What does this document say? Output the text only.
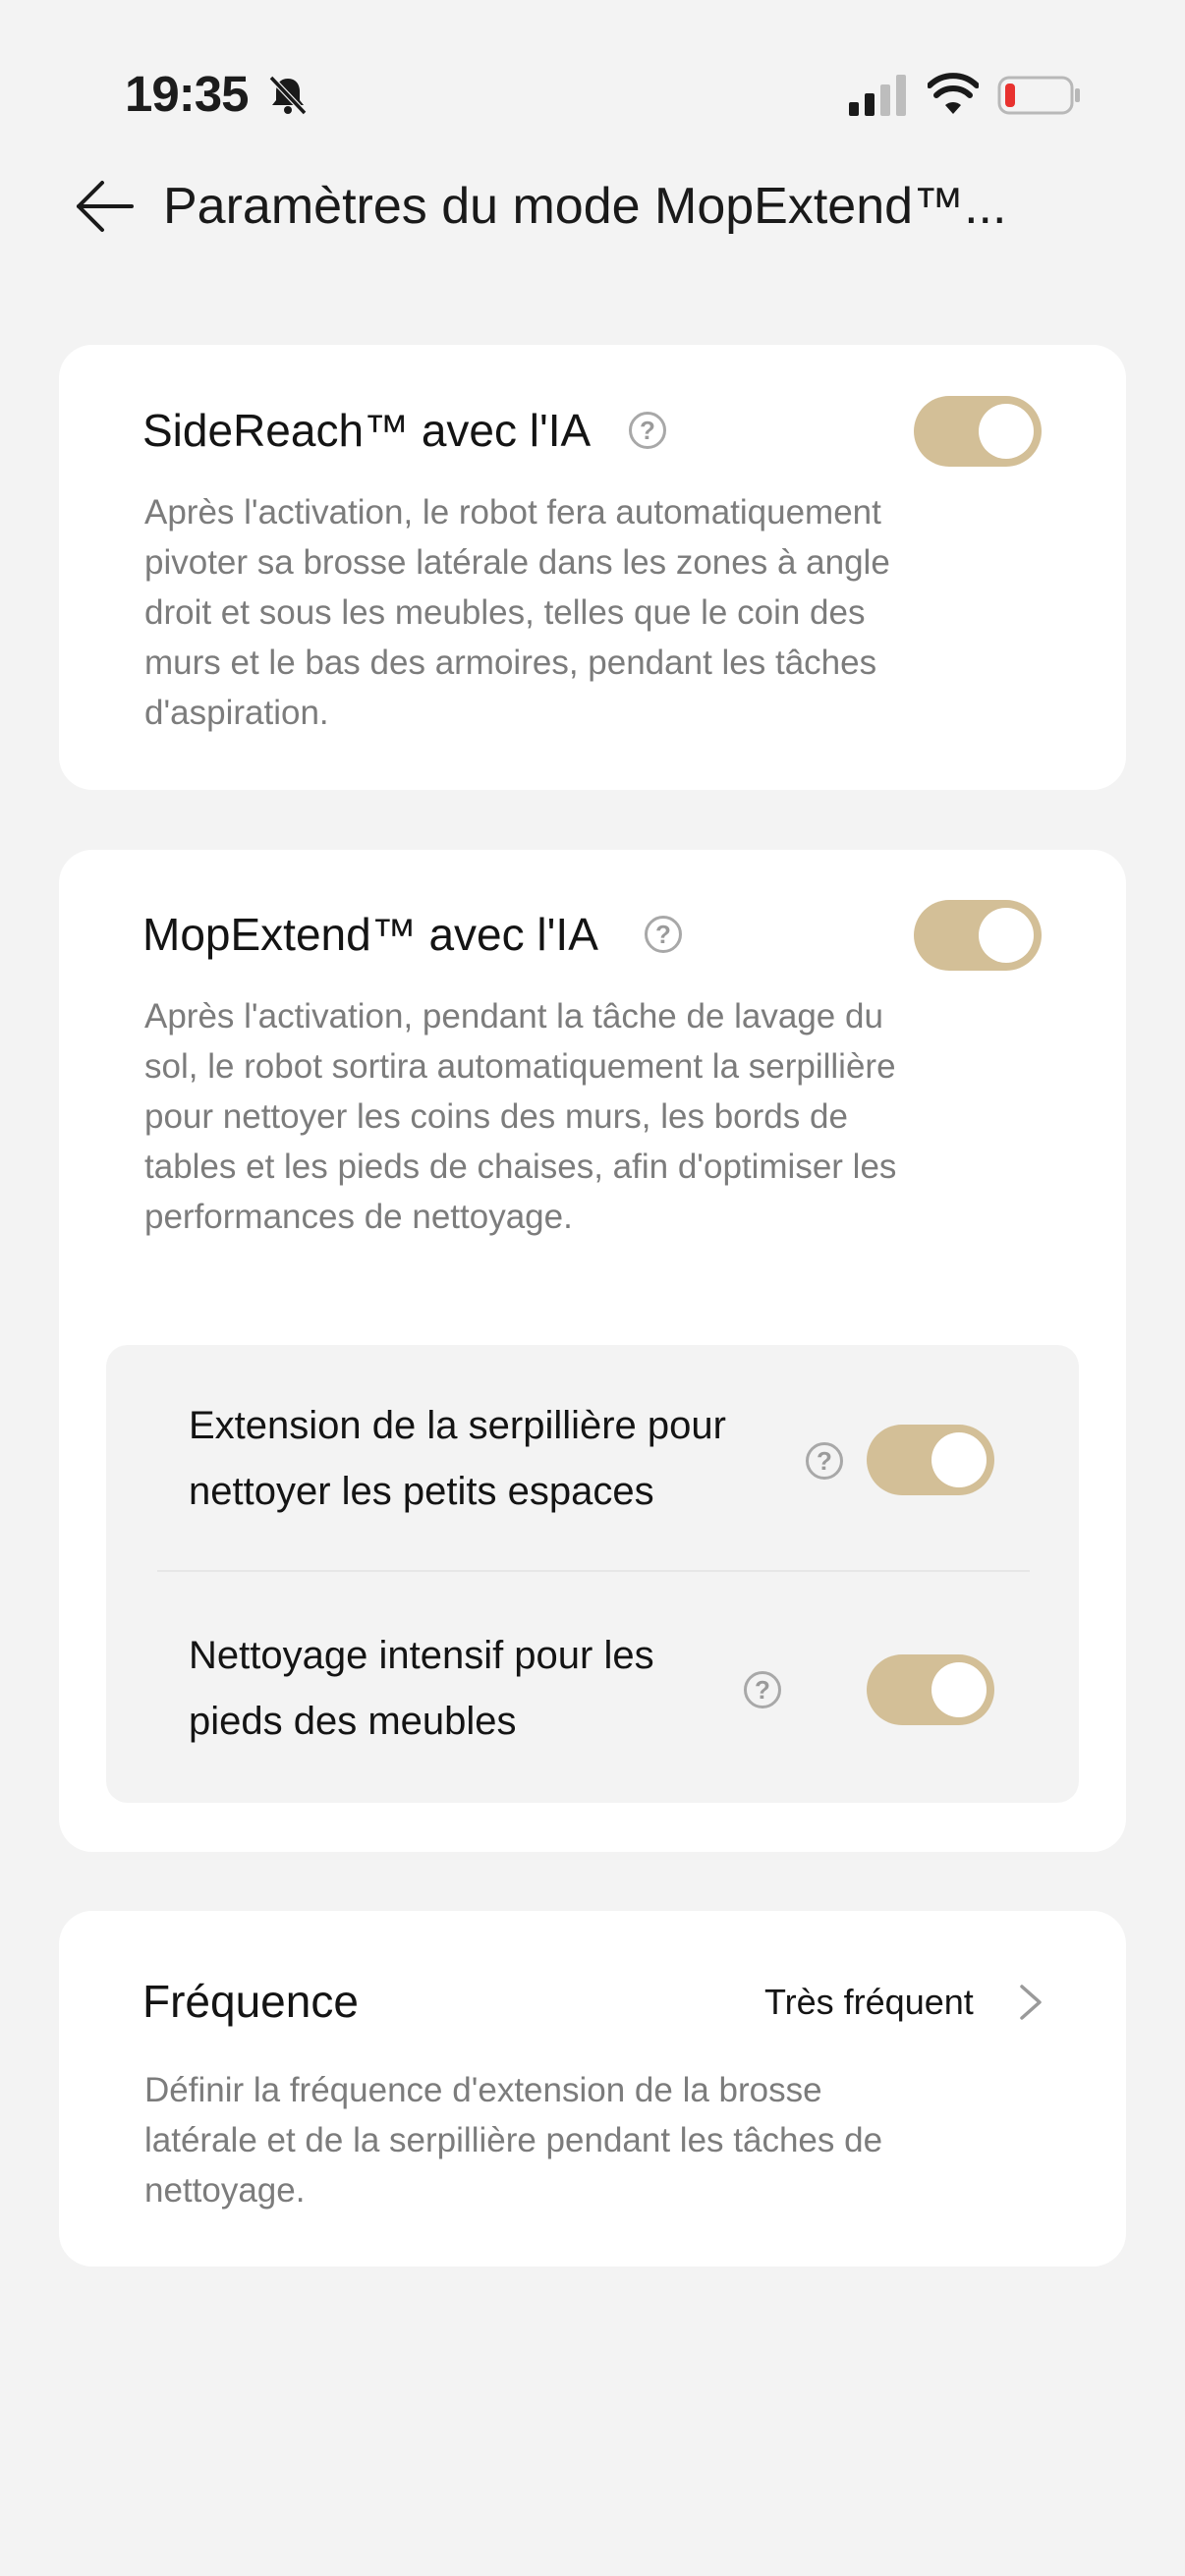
19:35
Paramètres du mode MopExtend™...
SideReach™ avec l'IA	?
Après l'activation, le robot fera automatiquement pivoter sa brosse latérale dans les zones à angle droit et sous les meubles, telles que le coin des murs et le bas des armoires, pendant les tâches d'aspiration.
MopExtend™ avec l'IA	?
Après l'activation, pendant la tâche de lavage du sol, le robot sortira automatiquement la serpillière pour nettoyer les coins des murs, les bords de tables et les pieds de chaises, afin d'optimiser les performances de nettoyage.
Extension de la serpillière pour nettoyer les petits espaces
?
Nettoyage intensif pour les pieds des meubles
?
Fréquence	Très fréquent
Définir la fréquence d'extension de la brosse latérale et de la serpillière pendant les tâches de nettoyage.
